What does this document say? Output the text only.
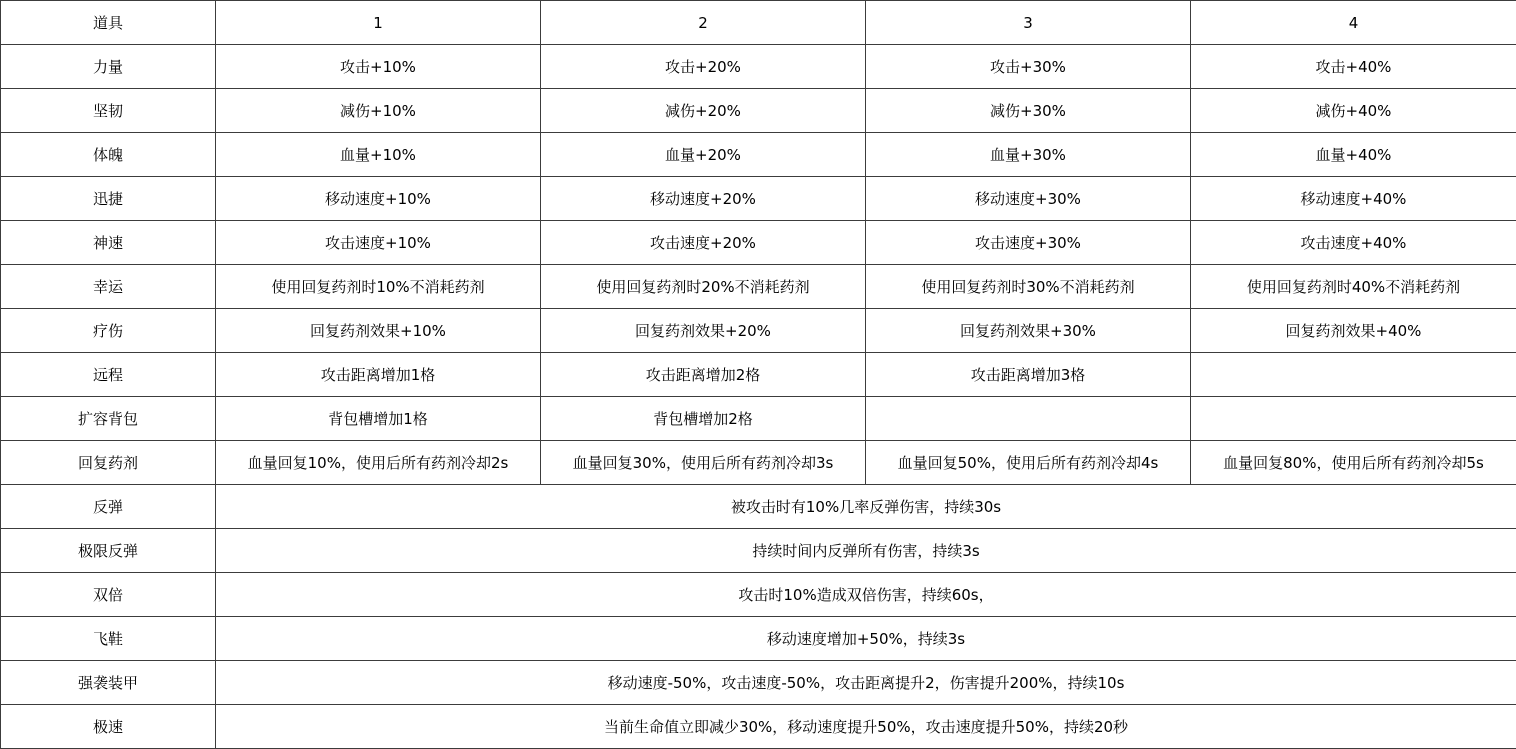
道具	1	2	3	4
力量	攻击+10%	攻击+20%	攻击+30%	攻击+40%
坚韧	减伤+10%	减伤+20%	减伤+30%	减伤+40%
体魄	血量+10%	血量+20%	血量+30%	血量+40%
迅捷	移动速度+10%	移动速度+20%	移动速度+30%	移动速度+40%
神速	攻击速度+10%	攻击速度+20%	攻击速度+30%	攻击速度+40%
幸运	使用回复药剂时10%不消耗药剂	使用回复药剂时20%不消耗药剂	使用回复药剂时30%不消耗药剂	使用回复药剂时40%不消耗药剂
疗伤	回复药剂效果+10%	回复药剂效果+20%	回复药剂效果+30%	回复药剂效果+40%
远程	攻击距离增加1格	攻击距离增加2格	攻击距离增加3格	
扩容背包	背包槽增加1格	背包槽增加2格		
回复药剂	血量回复10%，使用后所有药剂冷却2s	血量回复30%，使用后所有药剂冷却3s	血量回复50%，使用后所有药剂冷却4s	血量回复80%，使用后所有药剂冷却5s
反弹	被攻击时有10%几率反弹伤害，持续30s			
极限反弹	持续时间内反弹所有伤害，持续3s			
双倍	攻击时10%造成双倍伤害，持续60s，			
飞鞋	移动速度增加+50%，持续3s			
强袭装甲	移动速度-50%，攻击速度-50%，攻击距离提升2，伤害提升200%，持续10s			
极速	当前生命值立即减少30%，移动速度提升50%，攻击速度提升50%，持续20秒			
